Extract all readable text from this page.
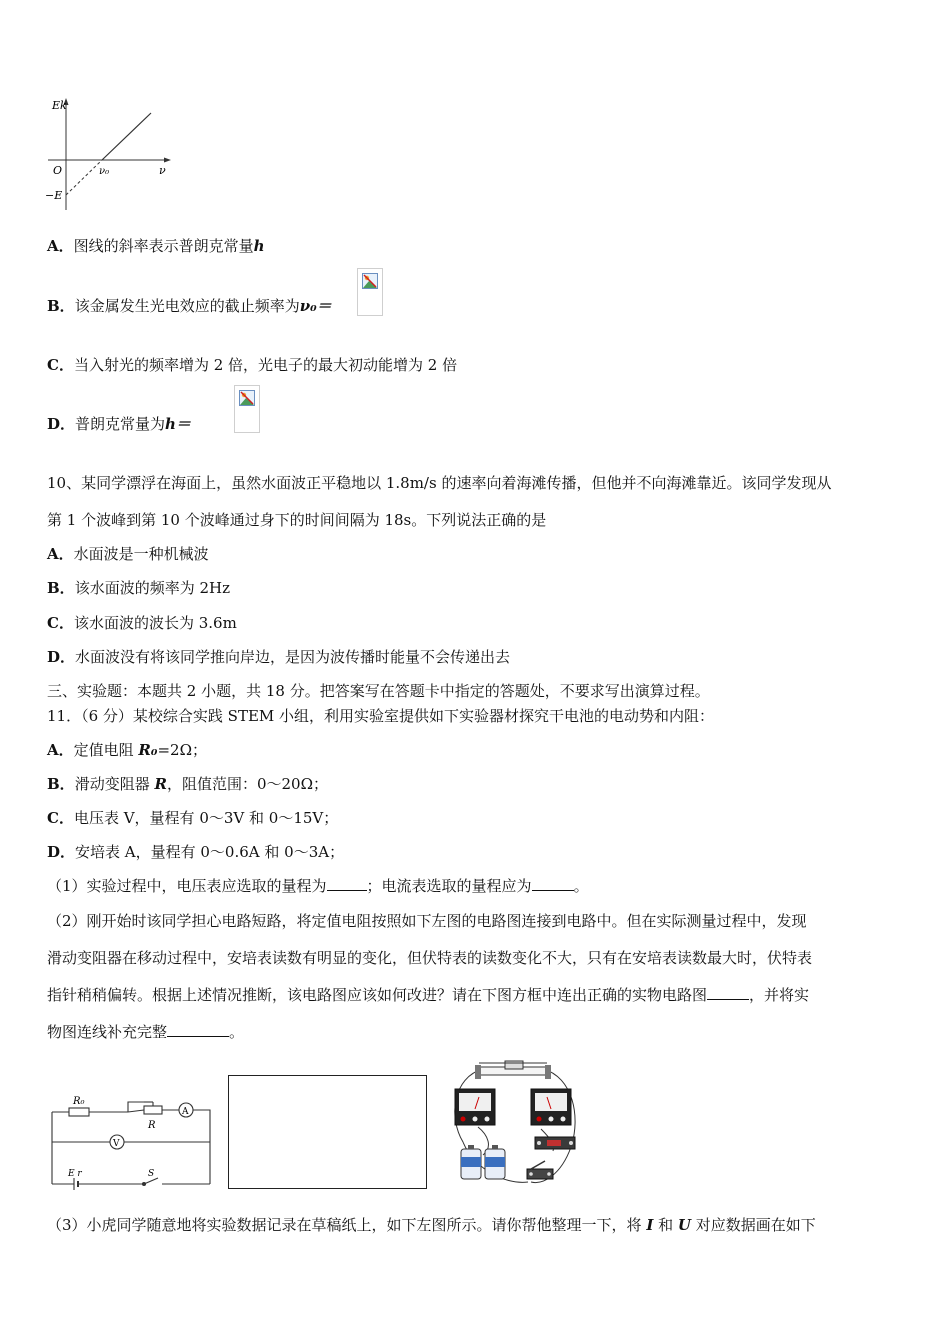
Ek
O	ν₀	ν
−E
A．图线的斜率表示普朗克常量h
B．该金属发生光电效应的截止频率为ν₀＝

C．当入射光的频率增为 2 倍，光电子的最大初动能增为 2 倍
D．普朗克常量为h＝
10、某同学漂浮在海面上，虽然水面波正平稳地以 1.8m/s 的速率向着海滩传播，但他并不向海滩靠近。该同学发现从
第 1 个波峰到第 10 个波峰通过身下的时间间隔为 18s。下列说法正确的是
A．水面波是一种机械波
B．该水面波的频率为 2Hz
C．该水面波的波长为 3.6m
D．水面波没有将该同学推向岸边，是因为波传播时能量不会传递出去
三、实验题：本题共 2 小题，共 18 分。把答案写在答题卡中指定的答题处，不要求写出演算过程。
11．（6 分）某校综合实践 STEM 小组，利用实验室提供如下实验器材探究干电池的电动势和内阻：
A．定值电阻 R₀=2Ω；
B．滑动变阻器 R，阻值范围：0～20Ω；
C．电压表 V，量程有 0～3V 和 0～15V；
D．安培表 A，量程有 0～0.6A 和 0～3A；
（1）实验过程中，电压表应选取的量程为	；电流表选取的量程应为	。
（2）刚开始时该同学担心电路短路，将定值电阻按照如下左图的电路图连接到电路中。但在实际测量过程中，发现
滑动变阻器在移动过程中，安培表读数有明显的变化，但伏特表的读数变化不大，只有在安培表读数最大时，伏特表
指针稍稍偏转。根据上述情况推断，该电路图应该如何改进？请在下图方框中连出正确的实物电路图	，并将实
物图连线补充完整	。
R₀
R
A
V
E r	S
（3）小虎同学随意地将实验数据记录在草稿纸上，如下左图所示。请你帮他整理一下，将 I 和 U 对应数据画在如下
